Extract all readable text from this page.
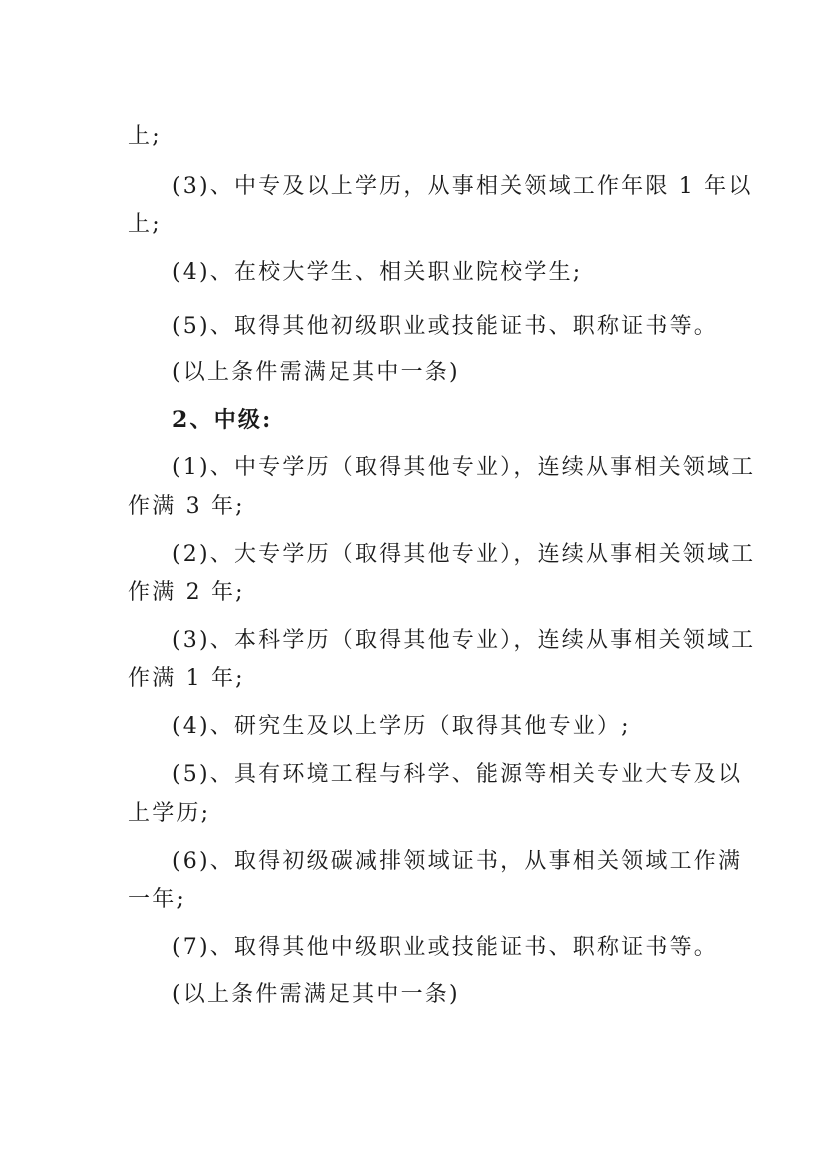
上;

(3)、中专及以上学历，从事相关领域工作年限 1 年以

上;

(4)、在校大学生、相关职业院校学生;

(5)、取得其他初级职业或技能证书、职称证书等。

(以上条件需满足其中一条)

2、中级:

(1)、中专学历（取得其他专业），连续从事相关领域工

作满 3 年;

(2)、大专学历（取得其他专业），连续从事相关领域工

作满 2 年;

(3)、本科学历（取得其他专业），连续从事相关领域工

作满 1 年;

(4)、研究生及以上学历（取得其他专业）;

(5)、具有环境工程与科学、能源等相关专业大专及以

上学历;

(6)、取得初级碳减排领域证书，从事相关领域工作满

一年;

(7)、取得其他中级职业或技能证书、职称证书等。

(以上条件需满足其中一条)
